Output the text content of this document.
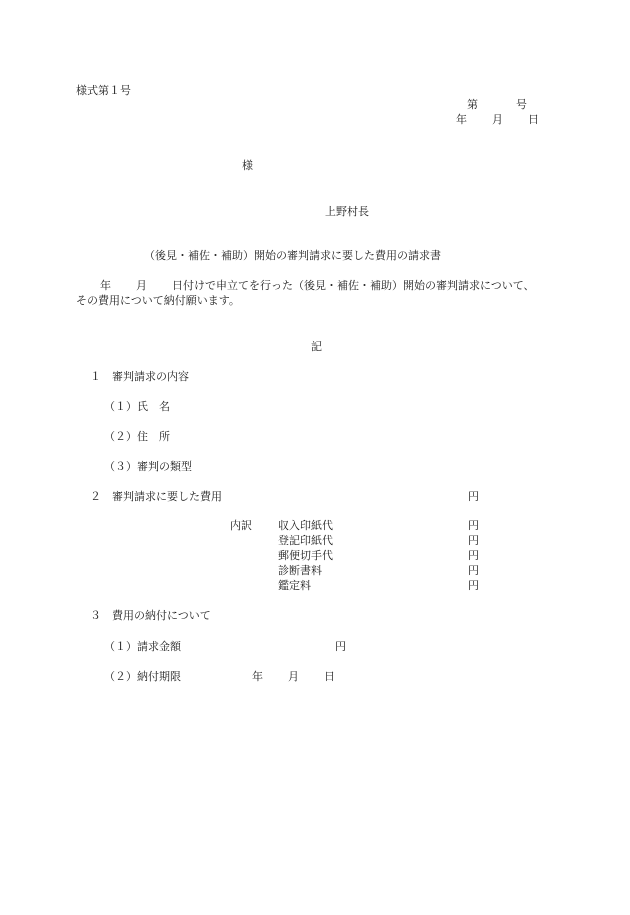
様式第１号
第	号
年 月 日
様
上野村長
（後見・補佐・補助）開始の審判請求に要した費用の請求書
年 月 日付けで申立てを行った（後見・補佐・補助）開始の審判請求について、
その費用について納付願います。
記
１　審判請求の内容
（１）氏　名
（２）住　所
（３）審判の類型
２　審判請求に要した費用	円
内訳 収入印紙代	円
登記印紙代	円
郵便切手代	円
診断書料	円
鑑定料	円
３　費用の納付について
（１）請求金額	円
（２）納付期限	年 月 日
